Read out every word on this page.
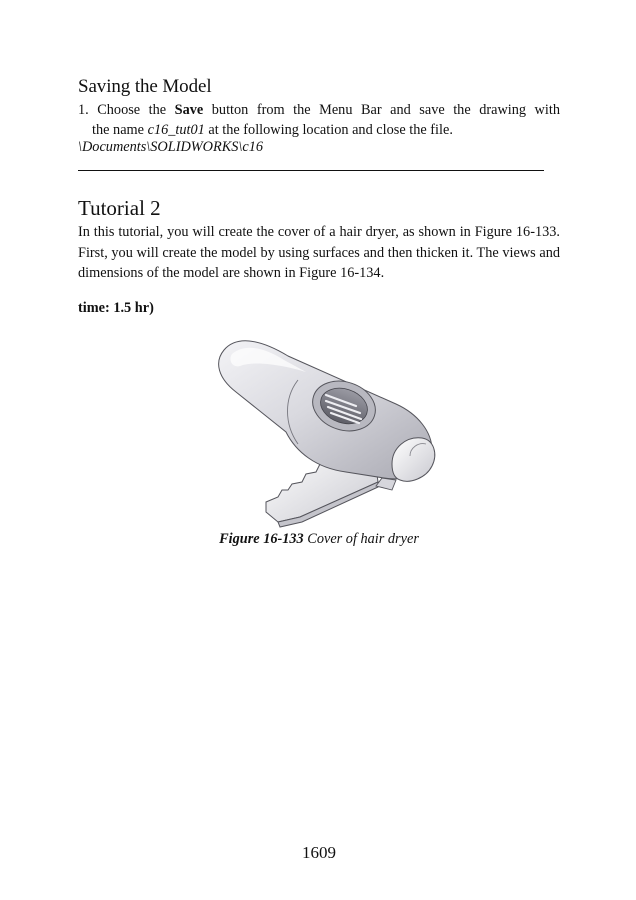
Saving the Model
1. Choose the Save button from the Menu Bar and save the drawing with
the name c16_tut01 at the following location and close the file.
\Documents\SOLIDWORKS\c16
Tutorial 2
In this tutorial, you will create the cover of a hair dryer, as shown in Figure 16-133. First, you will create the model by using surfaces and then thicken it. The views and dimensions of the model are shown in Figure 16-134.
time: 1.5 hr)
Figure 16-133 Cover of hair dryer
1609
